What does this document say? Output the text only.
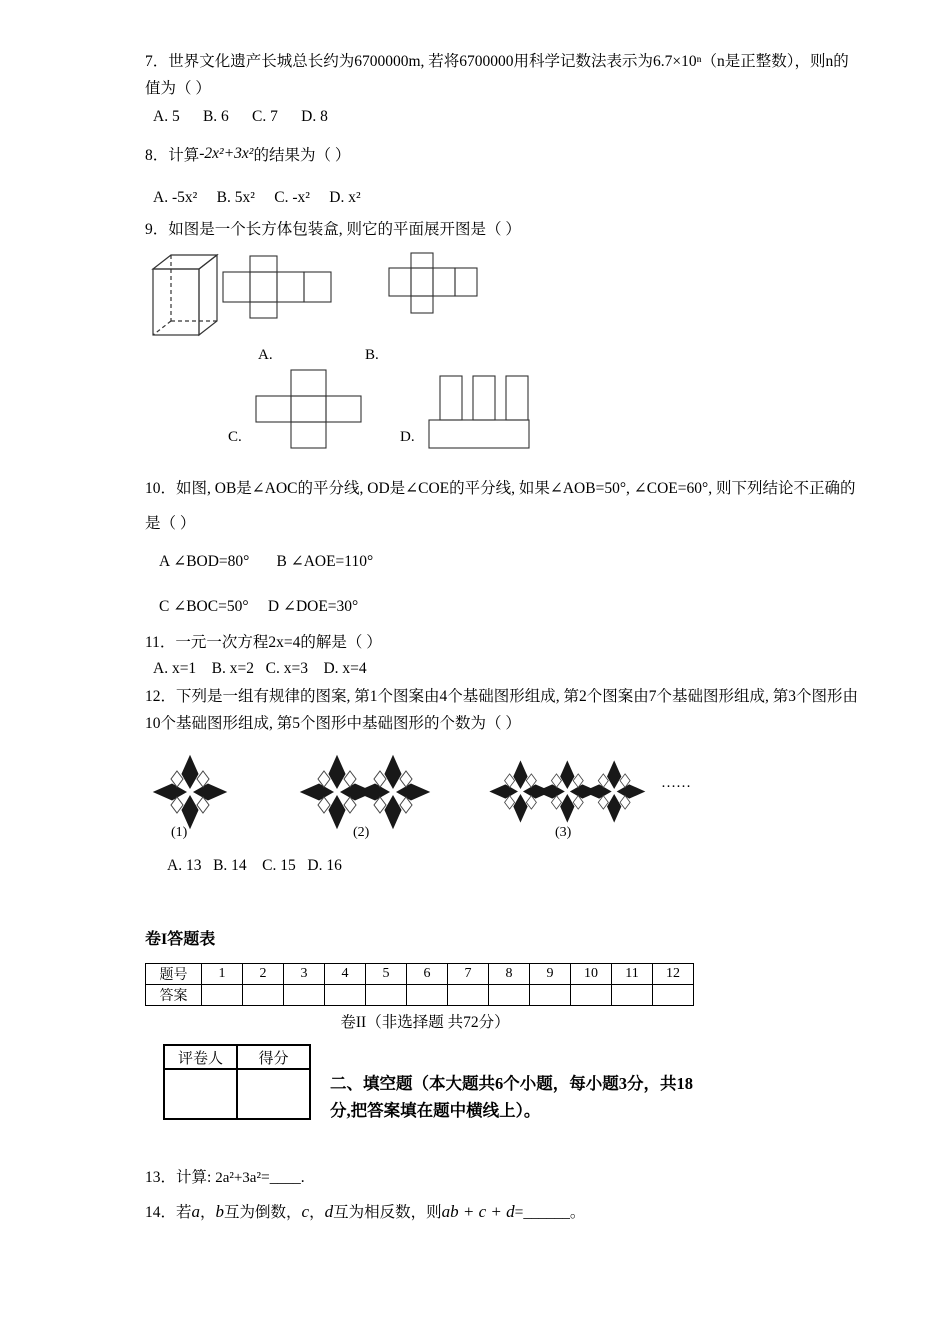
7．世界文化遗产长城总长约为6700000m, 若将6700000用科学记数法表示为6.7×10ⁿ（n是正整数），则n的值为（ ）
A. 5      B. 6      C. 7      D. 8
8．计算-2x²+3x²的结果为（ ）
A. -5x²     B. 5x²     C. -x²     D. x²
9．如图是一个长方体包装盒, 则它的平面展开图是（ ）
A.	B.
C.	D.
10．如图, OB是∠AOC的平分线, OD是∠COE的平分线, 如果∠AOB=50°, ∠COE=60°, 则下列结论不正确的是（ ）
A ∠BOD=80°       B ∠AOE=110°
C ∠BOC=50°     D ∠DOE=30°
11．一元一次方程2x=4的解是（ ）
A. x=1    B. x=2   C. x=3    D. x=4
12．下列是一组有规律的图案, 第1个图案由4个基础图形组成, 第2个图案由7个基础图形组成, 第3个图形由10个基础图形组成, 第5个图形中基础图形的个数为（ ）
……
(1)	(2)	(3)
A. 13   B. 14    C. 15   D. 16
卷I答题表
题号	1	2	3	4	5	6	7	8	9	10	11	12
答案												
卷II（非选择题 共72分）
评卷人	得分

二、填空题（本大题共6个小题，每小题3分，共18分,把答案填在题中横线上）。
13．计算: 2a²+3a²=____.
14．若a，b互为倒数，c，d互为相反数，则ab + c + d=______。
